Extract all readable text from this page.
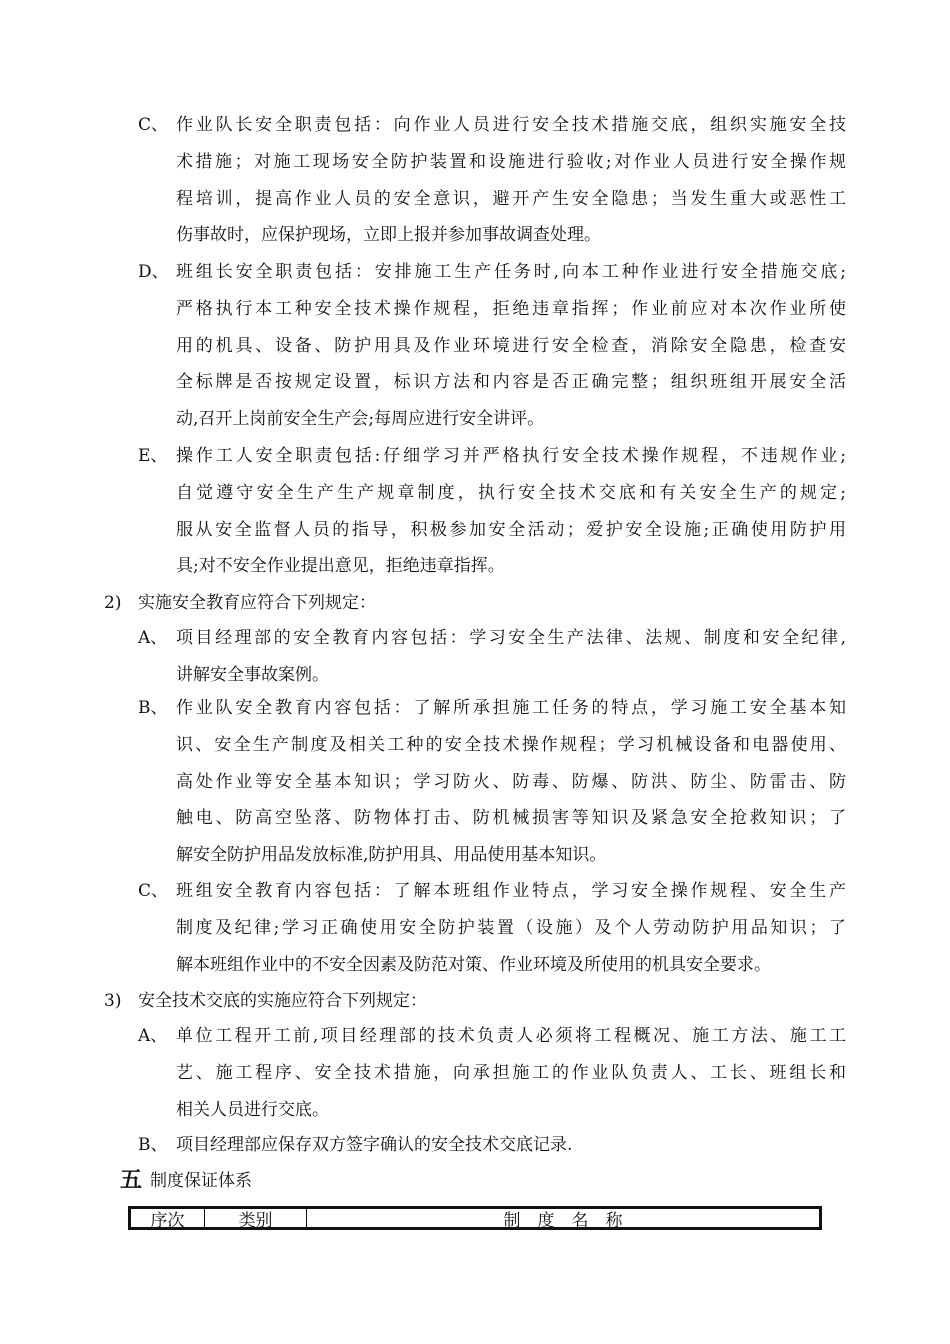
C、 作业队长安全职责包括：向作业人员进行安全技术措施交底，组织实施安全技
术措施；对施工现场安全防护装置和设施进行验收;对作业人员进行安全操作规
程培训，提高作业人员的安全意识，避开产生安全隐患；当发生重大或恶性工
伤事故时，应保护现场，立即上报并参加事故调查处理。
D、 班组长安全职责包括：安排施工生产任务时,向本工种作业进行安全措施交底;
严格执行本工种安全技术操作规程，拒绝违章指挥；作业前应对本次作业所使
用的机具、设备、防护用具及作业环境进行安全检查，消除安全隐患，检查安
全标牌是否按规定设置，标识方法和内容是否正确完整；组织班组开展安全活
动,召开上岗前安全生产会;每周应进行安全讲评。
E、 操作工人安全职责包括:仔细学习并严格执行安全技术操作规程，不违规作业;
自觉遵守安全生产生产规章制度，执行安全技术交底和有关安全生产的规定;
服从安全监督人员的指导，积极参加安全活动；爱护安全设施;正确使用防护用
具;对不安全作业提出意见，拒绝违章指挥。
2) 实施安全教育应符合下列规定：
A、 项目经理部的安全教育内容包括：学习安全生产法律、法规、制度和安全纪律,
讲解安全事故案例。
B、 作业队安全教育内容包括：了解所承担施工任务的特点，学习施工安全基本知
识、安全生产制度及相关工种的安全技术操作规程；学习机械设备和电器使用、
高处作业等安全基本知识；学习防火、防毒、防爆、防洪、防尘、防雷击、防
触电、防高空坠落、防物体打击、防机械损害等知识及紧急安全抢救知识；了
解安全防护用品发放标准,防护用具、用品使用基本知识。
C、 班组安全教育内容包括：了解本班组作业特点，学习安全操作规程、安全生产
制度及纪律;学习正确使用安全防护装置（设施）及个人劳动防护用品知识；了
解本班组作业中的不安全因素及防范对策、作业环境及所使用的机具安全要求。
3) 安全技术交底的实施应符合下列规定：
A、 单位工程开工前,项目经理部的技术负责人必须将工程概况、施工方法、施工工
艺、施工程序、安全技术措施，向承担施工的作业队负责人、工长、班组长和
相关人员进行交底。
B、 项目经理部应保存双方签字确认的安全技术交底记录.
五 制度保证体系
序次	类别	制　度　名　称
